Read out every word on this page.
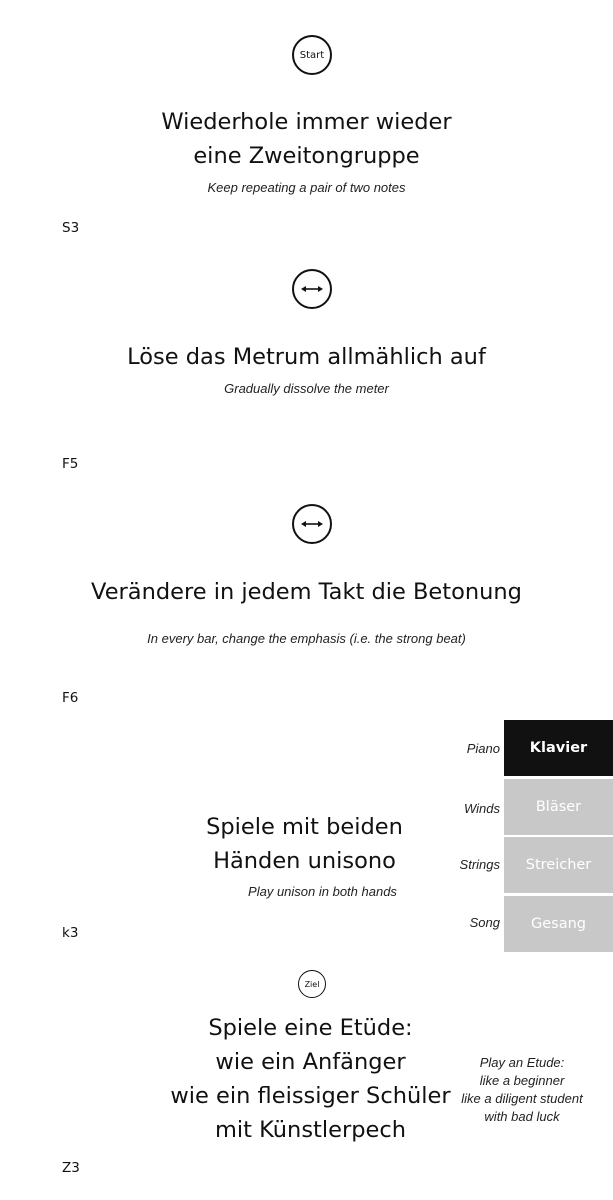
Start
Wiederhole immer wieder
eine Zweitongruppe
Keep repeating a pair of two notes
S3
Löse das Metrum allmählich auf
Gradually dissolve the meter
F5
Verändere in jedem Takt die Betonung
In every bar, change the emphasis (i.e. the strong beat)
F6
Spiele mit beiden
Händen unisono
Play unison in both hands
k3
Piano	Klavier
Winds	Bläser
Strings	Streicher
Song	Gesang
Ziel
Spiele eine Etüde:
wie ein Anfänger
wie ein fleissiger Schüler
mit Künstlerpech
Play an Etude:
like a beginner
like a diligent student
with bad luck
Z3
